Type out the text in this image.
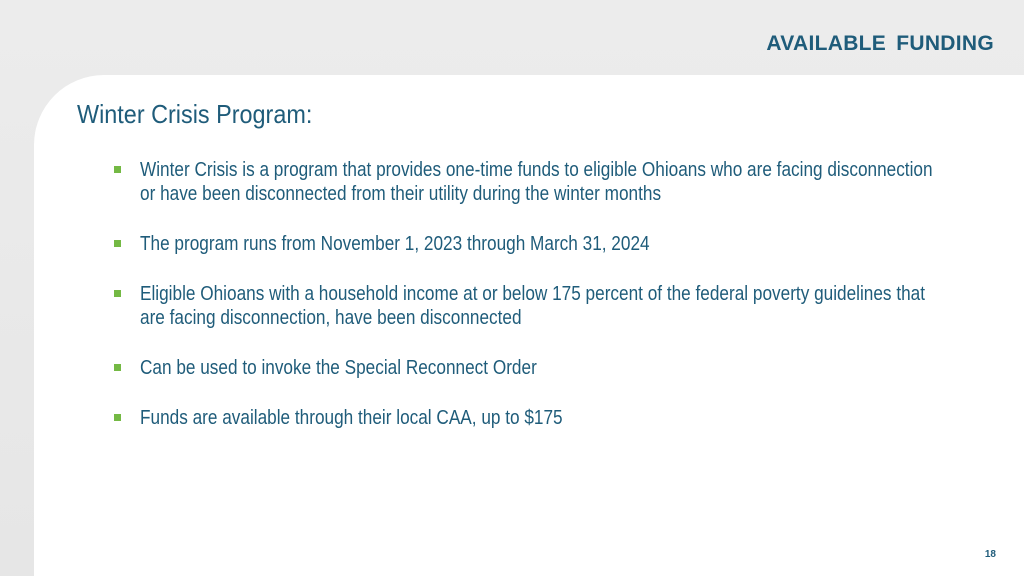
AVAILABLE FUNDING
Winter Crisis Program:
Winter Crisis is a program that provides one-time funds to eligible Ohioans who are facing disconnection or have been disconnected from their utility during the winter months
The program runs from November 1, 2023 through March 31, 2024
Eligible Ohioans with a household income at or below 175 percent of the federal poverty guidelines that are facing disconnection, have been disconnected
Can be used to invoke the Special Reconnect Order
Funds are available through their local CAA, up to $175
18
